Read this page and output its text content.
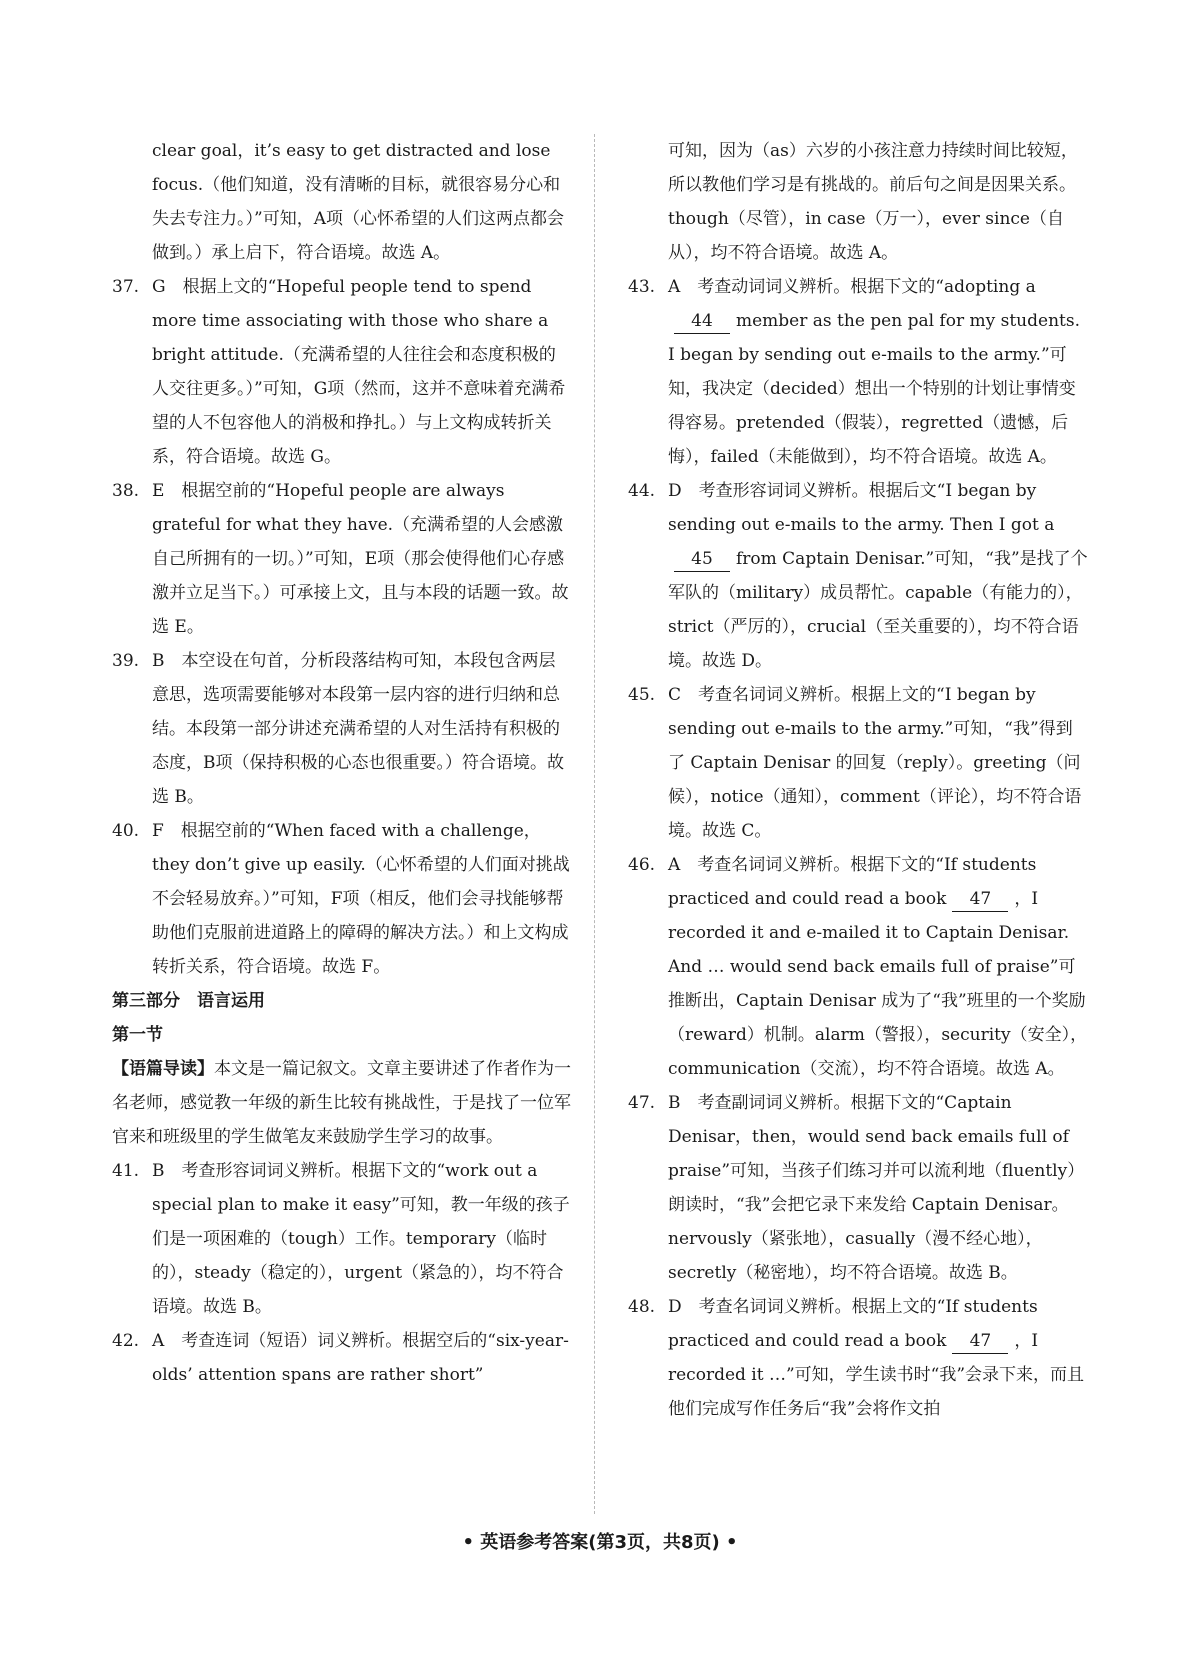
clear goal，it’s easy to get distracted and lose focus.（他们知道，没有清晰的目标，就很容易分心和失去专注力。）”可知，A项（心怀希望的人们这两点都会做到。）承上启下，符合语境。故选 A。
37. G　根据上文的“Hopeful people tend to spend more time associating with those who share a bright attitude.（充满希望的人往往会和态度积极的人交往更多。）”可知，G项（然而，这并不意味着充满希望的人不包容他人的消极和挣扎。）与上文构成转折关系，符合语境。故选 G。
38. E　根据空前的“Hopeful people are always grateful for what they have.（充满希望的人会感激自己所拥有的一切。）”可知，E项（那会使得他们心存感激并立足当下。）可承接上文，且与本段的话题一致。故选 E。
39. B　本空设在句首，分析段落结构可知，本段包含两层意思，选项需要能够对本段第一层内容的进行归纳和总结。本段第一部分讲述充满希望的人对生活持有积极的态度，B项（保持积极的心态也很重要。）符合语境。故选 B。
40. F　根据空前的“When faced with a challenge，they don’t give up easily.（心怀希望的人们面对挑战不会轻易放弃。）”可知，F项（相反，他们会寻找能够帮助他们克服前进道路上的障碍的解决方法。）和上文构成转折关系，符合语境。故选 F。
第三部分　语言运用
第一节
【语篇导读】本文是一篇记叙文。文章主要讲述了作者作为一名老师，感觉教一年级的新生比较有挑战性，于是找了一位军官来和班级里的学生做笔友来鼓励学生学习的故事。
41. B　考查形容词词义辨析。根据下文的“work out a special plan to make it easy”可知，教一年级的孩子们是一项困难的（tough）工作。temporary（临时的），steady（稳定的），urgent（紧急的），均不符合语境。故选 B。
42. A　考查连词（短语）词义辨析。根据空后的“six-year-olds’ attention spans are rather short”
可知，因为（as）六岁的小孩注意力持续时间比较短，所以教他们学习是有挑战的。前后句之间是因果关系。though（尽管），in case（万一），ever since（自从），均不符合语境。故选 A。
43. A　考查动词词义辨析。根据下文的“adopting a44 member as the pen pal for my students. I began by sending out e-mails to the army.”可知，我决定（decided）想出一个特别的计划让事情变得容易。pretended（假装），regretted（遗憾，后悔），failed（未能做到），均不符合语境。故选 A。
44. D　考查形容词词义辨析。根据后文“I began by sending out e-mails to the army. Then I got a45 from Captain Denisar.”可知，“我”是找了个军队的（military）成员帮忙。capable（有能力的），strict（严厉的），crucial（至关重要的），均不符合语境。故选 D。
45. C　考查名词词义辨析。根据上文的“I began by sending out e-mails to the army.”可知，“我”得到了 Captain Denisar 的回复（reply）。greeting（问候），notice（通知），comment（评论），均不符合语境。故选 C。
46. A　考查名词词义辨析。根据下文的“If students practiced and could read a book 47 ，I recorded it and e-mailed it to Captain Denisar. And … would send back emails full of praise”可推断出，Captain Denisar 成为了“我”班里的一个奖励（reward）机制。alarm（警报），security（安全），communication（交流），均不符合语境。故选 A。
47. B　考查副词词义辨析。根据下文的“Captain Denisar，then，would send back emails full of praise”可知，当孩子们练习并可以流利地（fluently）朗读时，“我”会把它录下来发给 Captain Denisar。nervously（紧张地），casually（漫不经心地），secretly（秘密地），均不符合语境。故选 B。
48. D　考查名词词义辨析。根据上文的“If students practiced and could read a book 47 ，I recorded it …”可知，学生读书时“我”会录下来，而且他们完成写作任务后“我”会将作文拍
• 英语参考答案(第3页，共8页) •
